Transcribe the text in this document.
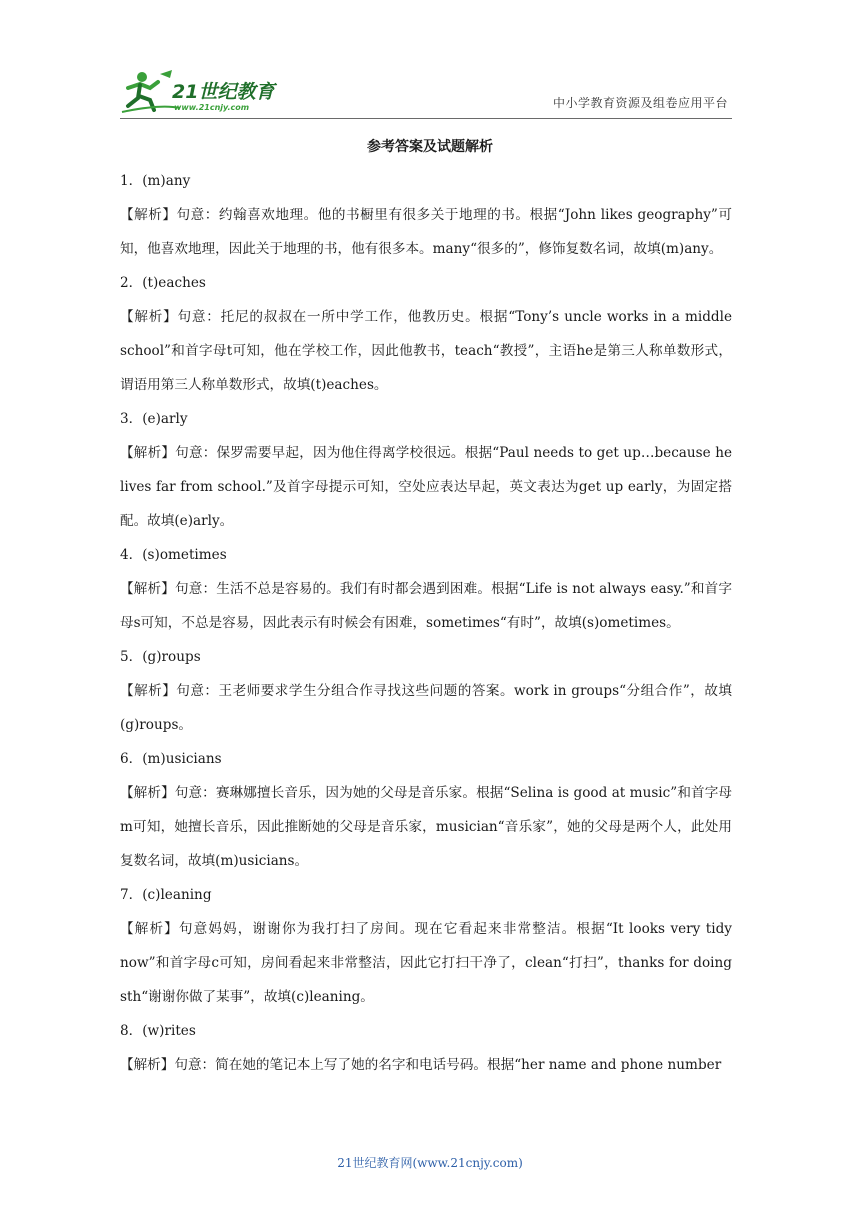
21世纪教育
www.21cnjy.com	中小学教育资源及组卷应用平台
参考答案及试题解析
1．(m)any
【解析】句意：约翰喜欢地理。他的书橱里有很多关于地理的书。根据“John likes geography”可知，他喜欢地理，因此关于地理的书，他有很多本。many“很多的”，修饰复数名词，故填(m)any。
2．(t)eaches
【解析】句意：托尼的叔叔在一所中学工作，他教历史。根据“Tony’s uncle works in a middle school”和首字母t可知，他在学校工作，因此他教书，teach“教授”，主语he是第三人称单数形式，谓语用第三人称单数形式，故填(t)eaches。
3．(e)arly
【解析】句意：保罗需要早起，因为他住得离学校很远。根据“Paul needs to get up…because he lives far from school.”及首字母提示可知，空处应表达早起，英文表达为get up early，为固定搭配。故填(e)arly。
4．(s)ometimes
【解析】句意：生活不总是容易的。我们有时都会遇到困难。根据“Life is not always easy.”和首字母s可知，不总是容易，因此表示有时候会有困难，sometimes“有时”，故填(s)ometimes。
5．(g)roups
【解析】句意：王老师要求学生分组合作寻找这些问题的答案。work in groups“分组合作”，故填(g)roups。
6．(m)usicians
【解析】句意：赛琳娜擅长音乐，因为她的父母是音乐家。根据“Selina is good at music”和首字母m可知，她擅长音乐，因此推断她的父母是音乐家，musician“音乐家”，她的父母是两个人，此处用复数名词，故填(m)usicians。
7．(c)leaning
【解析】句意妈妈，谢谢你为我打扫了房间。现在它看起来非常整洁。根据“It looks very tidy now”和首字母c可知，房间看起来非常整洁，因此它打扫干净了，clean“打扫”，thanks for doing sth“谢谢你做了某事”，故填(c)leaning。
8．(w)rites
【解析】句意：简在她的笔记本上写了她的名字和电话号码。根据“her name and phone number
21世纪教育网(www.21cnjy.com)
